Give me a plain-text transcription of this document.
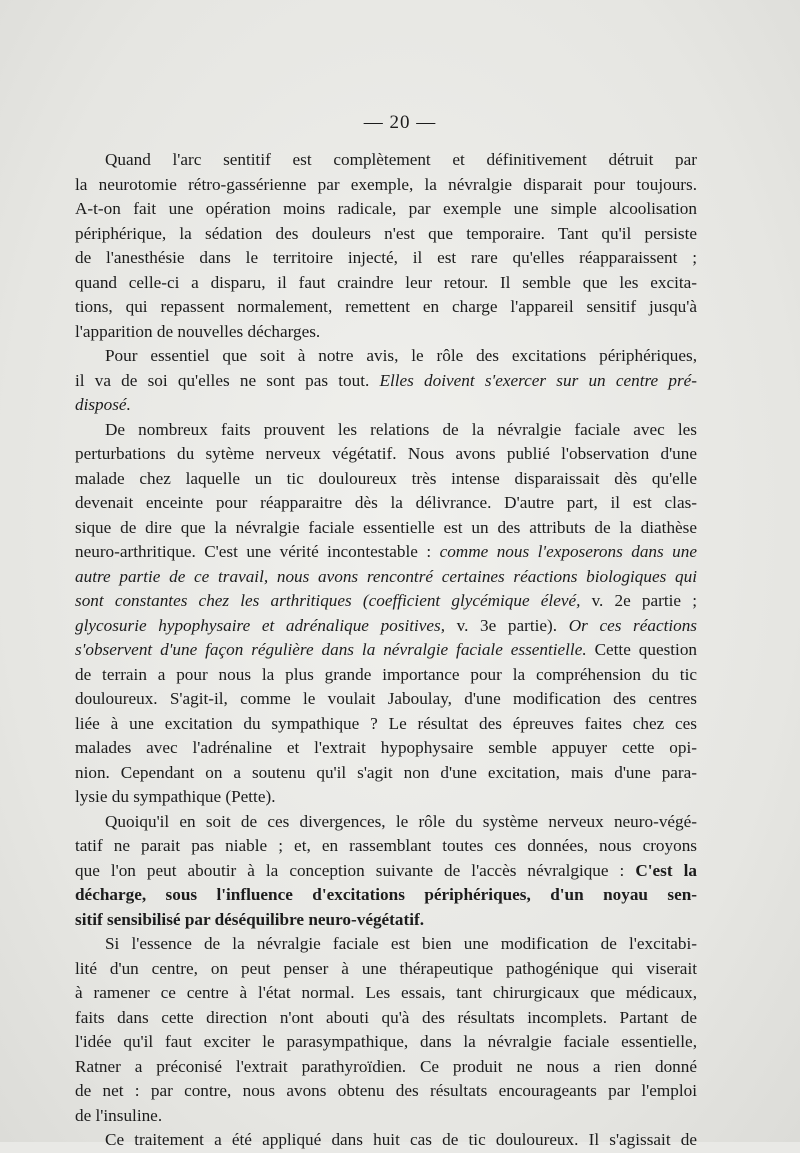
— 20 —
Quand l'arc sentitif est complètement et définitivement détruit par
la neurotomie rétro-gassérienne par exemple, la névralgie disparait pour toujours.
A-t-on fait une opération moins radicale, par exemple une simple alcoolisation
périphérique, la sédation des douleurs n'est que temporaire. Tant qu'il persiste
de l'anesthésie dans le territoire injecté, il est rare qu'elles réapparaissent ;
quand celle-ci a disparu, il faut craindre leur retour. Il semble que les excita-
tions, qui repassent normalement, remettent en charge l'appareil sensitif jusqu'à
l'apparition de nouvelles décharges.
Pour essentiel que soit à notre avis, le rôle des excitations périphériques,
il va de soi qu'elles ne sont pas tout. Elles doivent s'exercer sur un centre pré-
disposé.
De nombreux faits prouvent les relations de la névralgie faciale avec les
perturbations du sytème nerveux végétatif. Nous avons publié l'observation d'une
malade chez laquelle un tic douloureux très intense disparaissait dès qu'elle
devenait enceinte pour réapparaitre dès la délivrance. D'autre part, il est clas-
sique de dire que la névralgie faciale essentielle est un des attributs de la diathèse
neuro-arthritique. C'est une vérité incontestable : comme nous l'exposerons dans une
autre partie de ce travail, nous avons rencontré certaines réactions biologiques qui
sont constantes chez les arthritiques (coefficient glycémique élevé, v. 2e partie ;
glycosurie hypophysaire et adrénalique positives, v. 3e partie). Or ces réactions
s'observent d'une façon régulière dans la névralgie faciale essentielle. Cette question
de terrain a pour nous la plus grande importance pour la compréhension du tic
douloureux. S'agit-il, comme le voulait Jaboulay, d'une modification des centres
liée à une excitation du sympathique ? Le résultat des épreuves faites chez ces
malades avec l'adrénaline et l'extrait hypophysaire semble appuyer cette opi-
nion. Cependant on a soutenu qu'il s'agit non d'une excitation, mais d'une para-
lysie du sympathique (Pette).
Quoiqu'il en soit de ces divergences, le rôle du système nerveux neuro-végé-
tatif ne parait pas niable ; et, en rassemblant toutes ces données, nous croyons
que l'on peut aboutir à la conception suivante de l'accès névralgique : C'est la
décharge, sous l'influence d'excitations périphériques, d'un noyau sen-
sitif sensibilisé par déséquilibre neuro-végétatif.
Si l'essence de la névralgie faciale est bien une modification de l'excitabi-
lité d'un centre, on peut penser à une thérapeutique pathogénique qui viserait
à ramener ce centre à l'état normal. Les essais, tant chirurgicaux que médicaux,
faits dans cette direction n'ont abouti qu'à des résultats incomplets. Partant de
l'idée qu'il faut exciter le parasympathique, dans la névralgie faciale essentielle,
Ratner a préconisé l'extrait parathyroïdien. Ce produit ne nous a rien donné
de net : par contre, nous avons obtenu des résultats encourageants par l'emploi
de l'insuline.
Ce traitement a été appliqué dans huit cas de tic douloureux. Il s'agissait de
